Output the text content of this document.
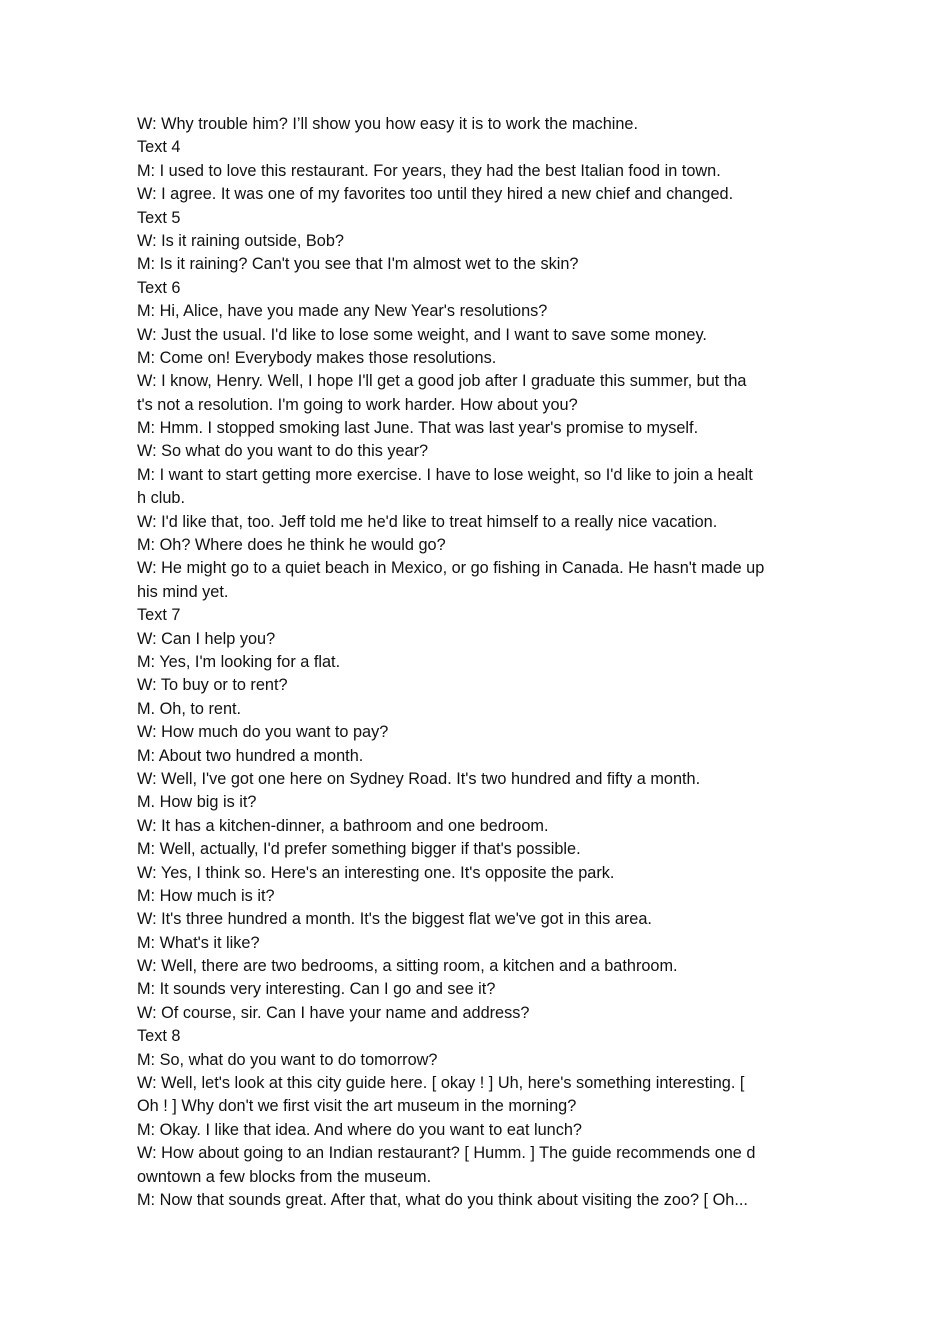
W: Why trouble him? I’ll show you how easy it is to work the machine.
Text 4
M: I used to love this restaurant. For years, they had the best Italian food in town.
W: I agree. It was one of my favorites too until they hired a new chief and changed.
Text 5
W: Is it raining outside, Bob?
M: Is it raining? Can't you see that I'm almost wet to the skin?
Text 6
M: Hi, Alice, have you made any New Year's resolutions?
W: Just the usual. I'd like to lose some weight, and I want to save some money.
M: Come on! Everybody makes those resolutions.
W: I know, Henry. Well, I hope I'll get a good job after I graduate this summer, but tha
t's not a resolution. I'm going to work harder. How about you?
M: Hmm. I stopped smoking last June. That was last year's promise to myself.
W: So what do you want to do this year?
M: I want to start getting more exercise. I have to lose weight, so I'd like to join a healt
h club.
W: I'd like that, too. Jeff told me he'd like to treat himself to a really nice vacation.
M: Oh? Where does he think he would go?
W: He might go to a quiet beach in Mexico, or go fishing in Canada. He hasn't made up
his mind yet.
Text 7
W: Can I help you?
M: Yes, I'm looking for a flat.
W: To buy or to rent?
M. Oh, to rent.
W: How much do you want to pay?
M: About two hundred a month.
W: Well, I've got one here on Sydney Road. It's two hundred and fifty a month.
M. How big is it?
W: It has a kitchen-dinner, a bathroom and one bedroom.
M: Well, actually, I'd prefer something bigger if that's possible.
W: Yes, I think so. Here's an interesting one. It's opposite the park.
M: How much is it?
W: It's three hundred a month. It's the biggest flat we've got in this area.
M: What's it like?
W: Well, there are two bedrooms, a sitting room, a kitchen and a bathroom.
M: It sounds very interesting. Can I go and see it?
W: Of course, sir. Can I have your name and address?
Text 8
M: So, what do you want to do tomorrow?
W: Well, let's look at this city guide here. [ okay ! ] Uh, here's something interesting. [
Oh ! ] Why don't we first visit the art museum in the morning?
M: Okay. I like that idea. And where do you want to eat lunch?
W: How about going to an Indian restaurant? [ Humm. ] The guide recommends one d
owntown a few blocks from the museum.
M: Now that sounds great. After that, what do you think about visiting the zoo? [ Oh...
